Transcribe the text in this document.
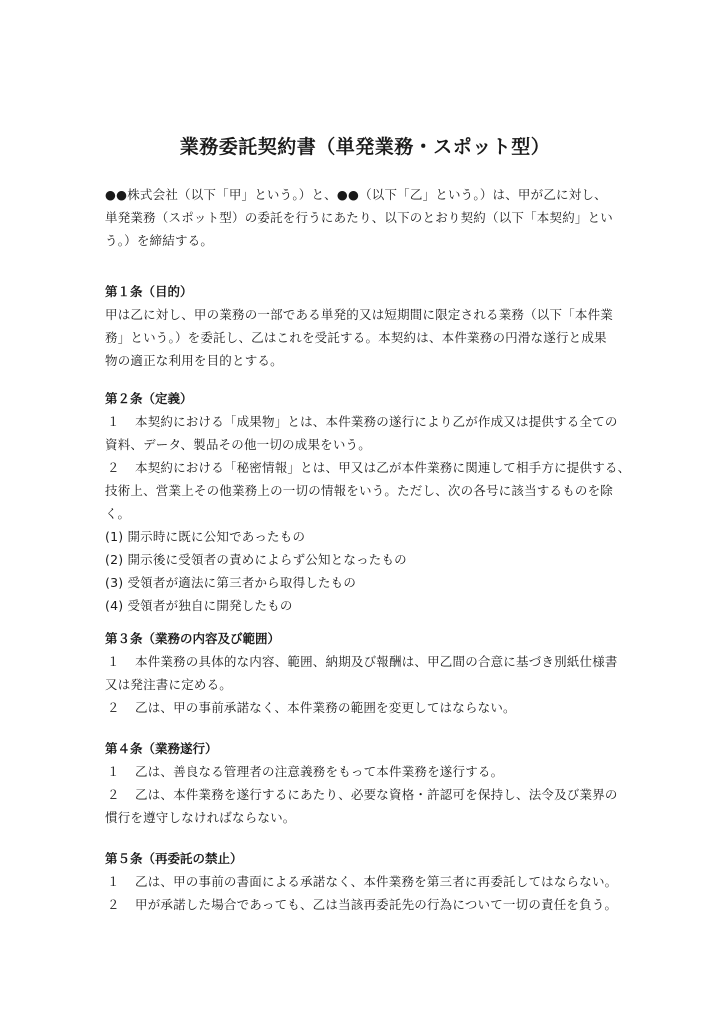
業務委託契約書（単発業務・スポット型）
●●株式会社（以下「甲」という。）と、●●（以下「乙」という。）は、甲が乙に対し、
単発業務（スポット型）の委託を行うにあたり、以下のとおり契約（以下「本契約」とい
う。）を締結する。
第１条（目的）
甲は乙に対し、甲の業務の一部である単発的又は短期間に限定される業務（以下「本件業
務」という。）を委託し、乙はこれを受託する。本契約は、本件業務の円滑な遂行と成果
物の適正な利用を目的とする。
第２条（定義）
１ 本契約における「成果物」とは、本件業務の遂行により乙が作成又は提供する全ての
資料、データ、製品その他一切の成果をいう。
２ 本契約における「秘密情報」とは、甲又は乙が本件業務に関連して相手方に提供する、
技術上、営業上その他業務上の一切の情報をいう。ただし、次の各号に該当するものを除
く。
(1) 開示時に既に公知であったもの
(2) 開示後に受領者の責めによらず公知となったもの
(3) 受領者が適法に第三者から取得したもの
(4) 受領者が独自に開発したもの
第３条（業務の内容及び範囲）
１ 本件業務の具体的な内容、範囲、納期及び報酬は、甲乙間の合意に基づき別紙仕様書
又は発注書に定める。
２ 乙は、甲の事前承諾なく、本件業務の範囲を変更してはならない。
第４条（業務遂行）
１ 乙は、善良なる管理者の注意義務をもって本件業務を遂行する。
２ 乙は、本件業務を遂行するにあたり、必要な資格・許認可を保持し、法令及び業界の
慣行を遵守しなければならない。
第５条（再委託の禁止）
１ 乙は、甲の事前の書面による承諾なく、本件業務を第三者に再委託してはならない。
２ 甲が承諾した場合であっても、乙は当該再委託先の行為について一切の責任を負う。
